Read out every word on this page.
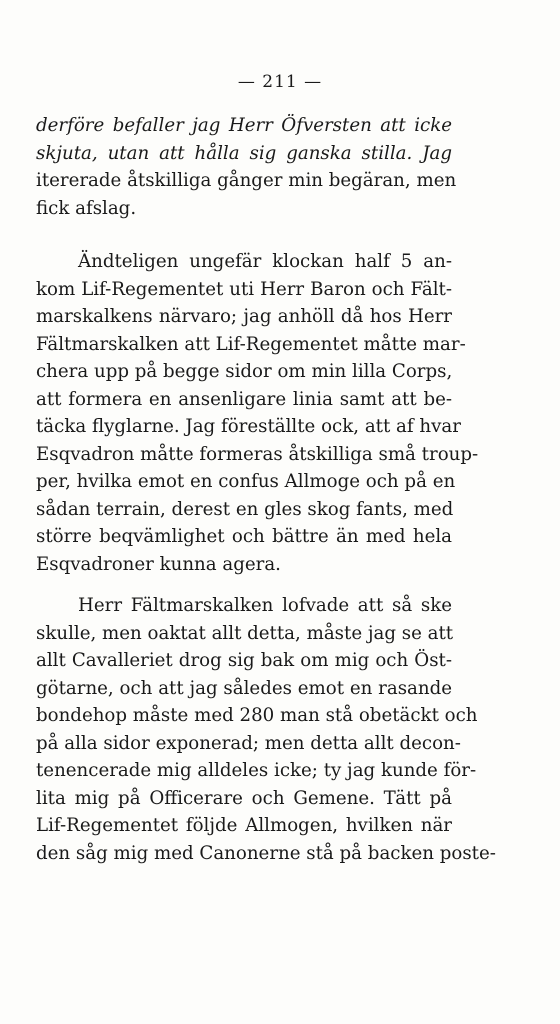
— 211 —
derföre befaller jag Herr Öfversten att icke
skjuta, utan att hålla sig ganska stilla. Jag
itererade åtskilliga gånger min begäran, men
fick afslag.
Ändteligen ungefär klockan half 5 an-
kom Lif-Regementet uti Herr Baron och Fält-
marskalkens närvaro; jag anhöll då hos Herr
Fältmarskalken att Lif-Regementet måtte mar-
chera upp på begge sidor om min lilla Corps,
att formera en ansenligare linia samt att be-
täcka flyglarne. Jag föreställte ock, att af hvar
Esqvadron måtte formeras åtskilliga små troup-
per, hvilka emot en confus Allmoge och på en
sådan terrain, derest en gles skog fants, med
större beqvämlighet och bättre än med hela
Esqvadroner kunna agera.
Herr Fältmarskalken lofvade att så ske
skulle, men oaktat allt detta, måste jag se att
allt Cavalleriet drog sig bak om mig och Öst-
götarne, och att jag således emot en rasande
bondehop måste med 280 man stå obetäckt och
på alla sidor exponerad; men detta allt decon-
tenencerade mig alldeles icke; ty jag kunde för-
lita mig på Officerare och Gemene. Tätt på
Lif-Regementet följde Allmogen, hvilken när
den såg mig med Canonerne stå på backen poste-
